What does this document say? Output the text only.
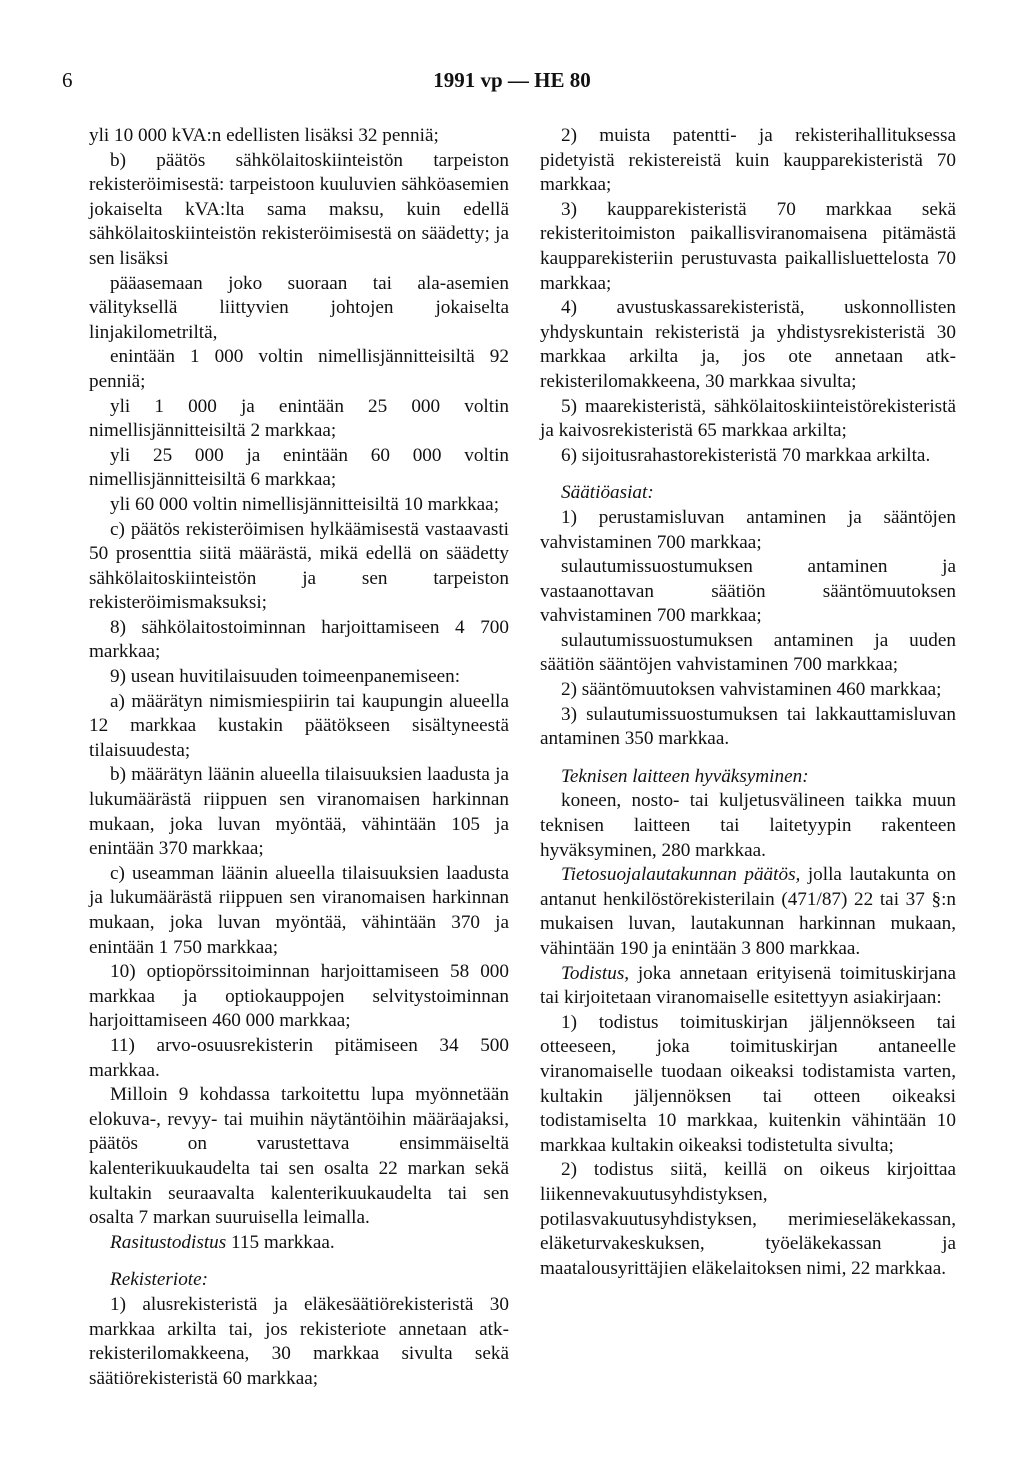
6	1991 vp — HE 80

yli 10 000 kVA:n edellisten lisäksi 32 penniä;

b) päätös sähkölaitoskiinteistön tarpeiston rekisteröimisestä: tarpeistoon kuuluvien sähköasemien jokaiselta kVA:lta sama maksu, kuin edellä sähkölaitoskiinteistön rekisteröimisestä on säädetty; ja sen lisäksi

pääasemaan joko suoraan tai ala-asemien välityksellä liittyvien johtojen jokaiselta linjakilometriltä,

enintään 1 000 voltin nimellisjännitteisiltä 92 penniä;

yli 1 000 ja enintään 25 000 voltin nimellisjännitteisiltä 2 markkaa;

yli 25 000 ja enintään 60 000 voltin nimellisjännitteisiltä 6 markkaa;

yli 60 000 voltin nimellisjännitteisiltä 10 markkaa;

c) päätös rekisteröimisen hylkäämisestä vastaavasti 50 prosenttia siitä määrästä, mikä edellä on säädetty sähkölaitoskiinteistön ja sen tarpeiston rekisteröimismaksuksi;

8) sähkölaitostoiminnan harjoittamiseen 4 700 markkaa;

9) usean huvitilaisuuden toimeenpanemiseen:

a) määrätyn nimismiespiirin tai kaupungin alueella 12 markkaa kustakin päätökseen sisältyneestä tilaisuudesta;

b) määrätyn läänin alueella tilaisuuksien laadusta ja lukumäärästä riippuen sen viranomaisen harkinnan mukaan, joka luvan myöntää, vähintään 105 ja enintään 370 markkaa;

c) useamman läänin alueella tilaisuuksien laadusta ja lukumäärästä riippuen sen viranomaisen harkinnan mukaan, joka luvan myöntää, vähintään 370 ja enintään 1 750 markkaa;

10) optiopörssitoiminnan harjoittamiseen 58 000 markkaa ja optiokauppojen selvitystoiminnan harjoittamiseen 460 000 markkaa;

11) arvo-osuusrekisterin pitämiseen 34 500 markkaa.

Milloin 9 kohdassa tarkoitettu lupa myönnetään elokuva-, revyy- tai muihin näytäntöihin määräajaksi, päätös on varustettava ensimmäiseltä kalenterikuukaudelta tai sen osalta 22 markan sekä kultakin seuraavalta kalenterikuukaudelta tai sen osalta 7 markan suuruisella leimalla.

Rasitustodistus 115 markkaa.

Rekisteriote:

1) alusrekisteristä ja eläkesäätiörekisteristä 30 markkaa arkilta tai, jos rekisteriote annetaan atk-rekisterilomakkeena, 30 markkaa sivulta sekä säätiörekisteristä 60 markkaa;

2) muista patentti- ja rekisterihallituksessa pidetyistä rekistereistä kuin kaupparekisteristä 70 markkaa;

3) kaupparekisteristä 70 markkaa sekä rekisteritoimiston paikallisviranomaisena pitämästä kaupparekisteriin perustuvasta paikallisluettelosta 70 markkaa;

4) avustuskassarekisteristä, uskonnollisten yhdyskuntain rekisteristä ja yhdistysrekisteristä 30 markkaa arkilta ja, jos ote annetaan atk-rekisterilomakkeena, 30 markkaa sivulta;

5) maarekisteristä, sähkölaitoskiinteistörekisteristä ja kaivosrekisteristä 65 markkaa arkilta;

6) sijoitusrahastorekisteristä 70 markkaa arkilta.

Säätiöasiat:

1) perustamisluvan antaminen ja sääntöjen vahvistaminen 700 markkaa;

sulautumissuostumuksen antaminen ja vastaanottavan säätiön sääntömuutoksen vahvistaminen 700 markkaa;

sulautumissuostumuksen antaminen ja uuden säätiön sääntöjen vahvistaminen 700 markkaa;

2) sääntömuutoksen vahvistaminen 460 markkaa;

3) sulautumissuostumuksen tai lakkauttamisluvan antaminen 350 markkaa.

Teknisen laitteen hyväksyminen:

koneen, nosto- tai kuljetusvälineen taikka muun teknisen laitteen tai laitetyypin rakenteen hyväksyminen, 280 markkaa.

Tietosuojalautakunnan päätös, jolla lautakunta on antanut henkilöstörekisterilain (471/87) 22 tai 37 §:n mukaisen luvan, lautakunnan harkinnan mukaan, vähintään 190 ja enintään 3 800 markkaa.

Todistus, joka annetaan erityisenä toimituskirjana tai kirjoitetaan viranomaiselle esitettyyn asiakirjaan:

1) todistus toimituskirjan jäljennökseen tai otteeseen, joka toimituskirjan antaneelle viranomaiselle tuodaan oikeaksi todistamista varten, kultakin jäljennöksen tai otteen oikeaksi todistamiselta 10 markkaa, kuitenkin vähintään 10 markkaa kultakin oikeaksi todistetulta sivulta;

2) todistus siitä, keillä on oikeus kirjoittaa liikennevakuutusyhdistyksen, potilasvakuutusyhdistyksen, merimieseläkekassan, eläketurvakeskuksen, työeläkekassan ja maatalousyrittäjien eläkelaitoksen nimi, 22 markkaa.
